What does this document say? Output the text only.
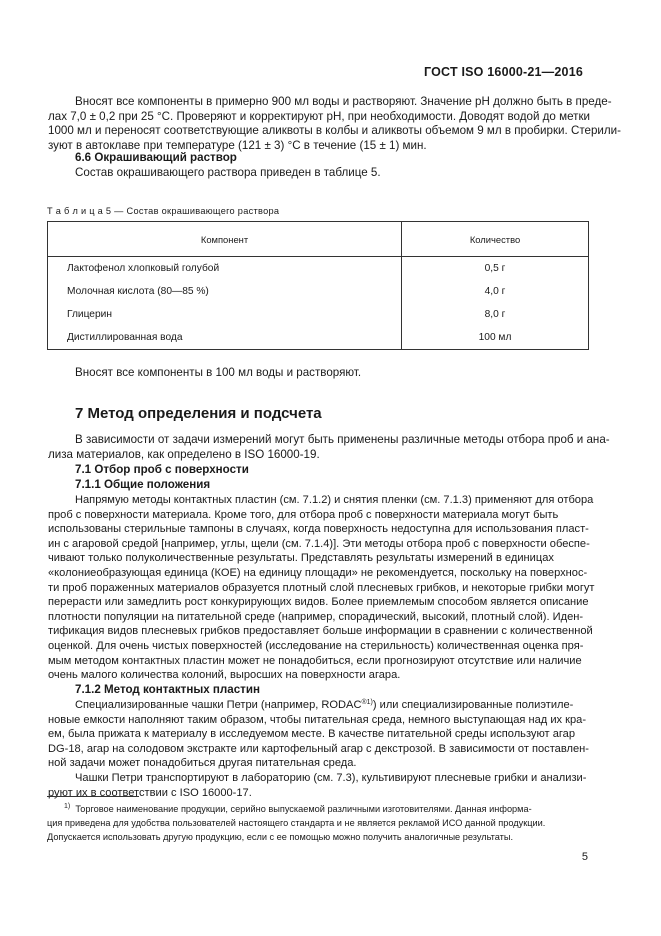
ГОСТ ISO 16000-21—2016
Вносят все компоненты в примерно 900 мл воды и растворяют. Значение рН должно быть в преде-
лах 7,0 ± 0,2 при 25 °С. Проверяют и корректируют рН, при необходимости. Доводят водой до метки
1000 мл и переносят соответствующие аликвоты в колбы и аликвоты объемом 9 мл в пробирки. Стерили-
зуют в автоклаве при температуре (121 ± 3) °С в течение (15 ± 1) мин.
6.6 Окрашивающий раствор
Состав окрашивающего раствора приведен в таблице 5.
Т а б л и ц а 5 — Состав окрашивающего раствора
Компонент	Количество
Лактофенол хлопковый голубой	0,5 г
Молочная кислота (80—85 %)	4,0 г
Глицерин	8,0 г
Дистиллированная вода	100 мл
Вносят все компоненты в 100 мл воды и растворяют.
7 Метод определения и подсчета
В зависимости от задачи измерений могут быть применены различные методы отбора проб и ана-
лиза материалов, как определено в ISO 16000-19.
7.1 Отбор проб с поверхности
7.1.1 Общие положения
Напрямую методы контактных пластин (см. 7.1.2) и снятия пленки (см. 7.1.3) применяют для отбора
проб с поверхности материала. Кроме того, для отбора проб с поверхности материала могут быть
использованы стерильные тампоны в случаях, когда поверхность недоступна для использования пласт-
ин с агаровой средой [например, углы, щели (см. 7.1.4)]. Эти методы отбора проб с поверхности обеспе-
чивают только полуколичественные результаты. Представлять результаты измерений в единицах
«колониеобразующая единица (КОЕ) на единицу площади» не рекомендуется, поскольку на поверхнос-
ти проб пораженных материалов образуется плотный слой плесневых грибков, и некоторые грибки могут
перерасти или замедлить рост конкурирующих видов. Более приемлемым способом является описание
плотности популяции на питательной среде (например, спорадический, высокий, плотный слой). Иден-
тификация видов плесневых грибков предоставляет больше информации в сравнении с количественной
оценкой. Для очень чистых поверхностей (исследование на стерильность) количественная оценка пря-
мым методом контактных пластин может не понадобиться, если прогнозируют отсутствие или наличие
очень малого количества колоний, выросших на поверхности агара.
7.1.2 Метод контактных пластин
Специализированные чашки Петри (например, $RODAC^{®1)}$) или специализированные полиэтиле-
новые емкости наполняют таким образом, чтобы питательная среда, немного выступающая над их кра-
ем, была прижата к материалу в исследуемом месте. В качестве питательной среды используют агар
DG-18, агар на солодовом экстракте или картофельный агар с декстрозой. В зависимости от поставлен-
ной задачи может понадобиться другая питательная среда.
Чашки Петри транспортируют в лабораторию (см. 7.3), культивируют плесневые грибки и анализи-
руют их в соответствии с ISO 16000-17.
$^{1)}$ Торговое наименование продукции, серийно выпускаемой различными изготовителями. Данная информа-
ция приведена для удобства пользователей настоящего стандарта и не является рекламой ИСО данной продукции.
Допускается использовать другую продукцию, если с ее помощью можно получить аналогичные результаты.
5
